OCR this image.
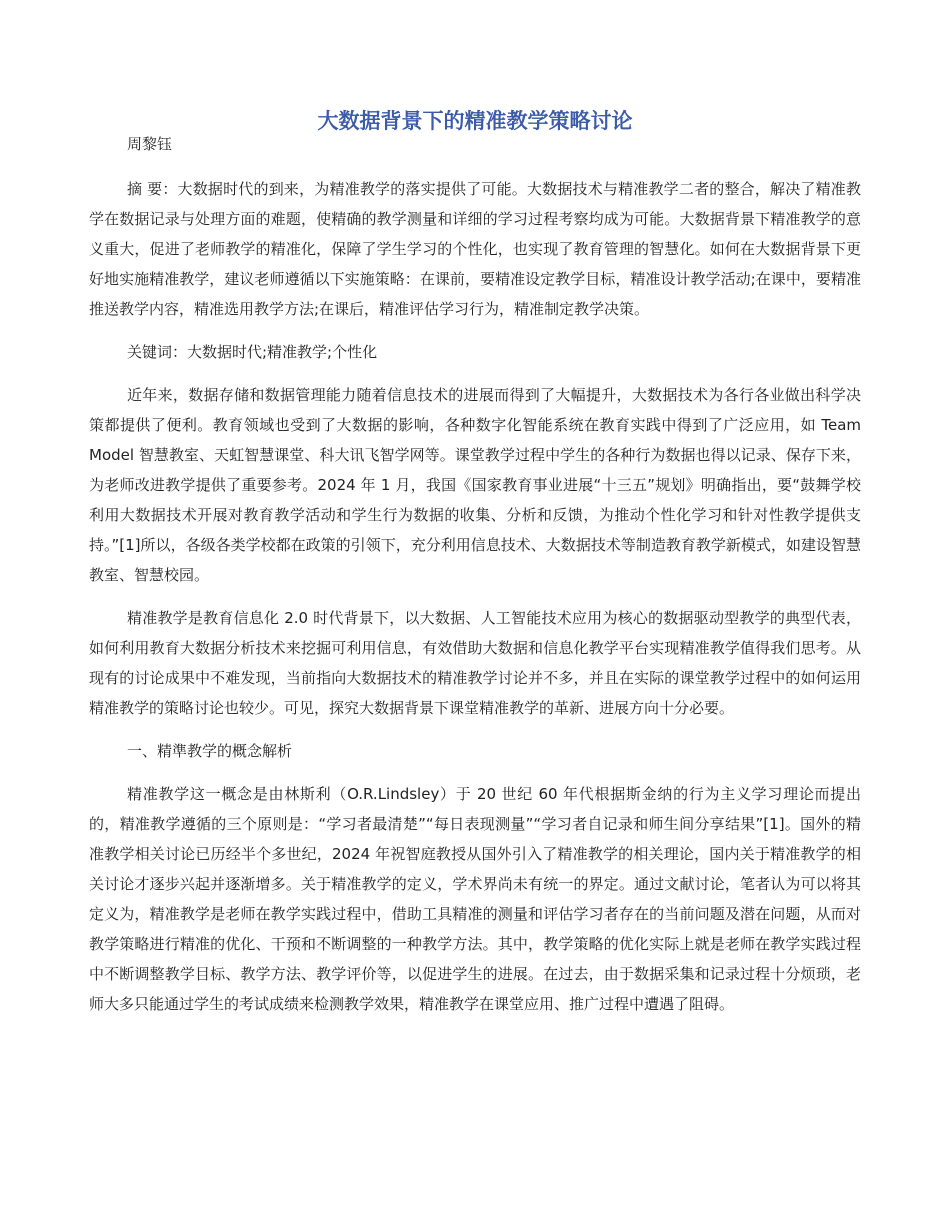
大数据背景下的精准教学策略讨论

周黎钰

摘 要：大数据时代的到来，为精准教学的落实提供了可能。大数据技术与精准教学二者的整合，解决了精准教学在数据记录与处理方面的难题，使精确的教学测量和详细的学习过程考察均成为可能。大数据背景下精准教学的意义重大，促进了老师教学的精准化，保障了学生学习的个性化，也实现了教育管理的智慧化。如何在大数据背景下更好地实施精准教学，建议老师遵循以下实施策略：在课前，要精准设定教学目标，精准设计教学活动;在课中，要精准推送教学内容，精准选用教学方法;在课后，精准评估学习行为，精准制定教学决策。

关键词：大数据时代;精准教学;个性化

近年来，数据存储和数据管理能力随着信息技术的进展而得到了大幅提升，大数据技术为各行各业做出科学决策都提供了便利。教育领域也受到了大数据的影响，各种数字化智能系统在教育实践中得到了广泛应用，如 Team Model 智慧教室、天虹智慧课堂、科大讯飞智学网等。课堂教学过程中学生的各种行为数据也得以记录、保存下来，为老师改进教学提供了重要参考。2024 年 1 月，我国《国家教育事业进展“十三五”规划》明确指出，要“鼓舞学校利用大数据技术开展对教育教学活动和学生行为数据的收集、分析和反馈，为推动个性化学习和针对性教学提供支持。”[1]所以，各级各类学校都在政策的引领下，充分利用信息技术、大数据技术等制造教育教学新模式，如建设智慧教室、智慧校园。

精准教学是教育信息化 2.0 时代背景下，以大数据、人工智能技术应用为核心的数据驱动型教学的典型代表，如何利用教育大数据分析技术来挖掘可利用信息，有效借助大数据和信息化教学平台实现精准教学值得我们思考。从现有的讨论成果中不难发现，当前指向大数据技术的精准教学讨论并不多，并且在实际的课堂教学过程中的如何运用精准教学的策略讨论也较少。可见，探究大数据背景下课堂精准教学的革新、进展方向十分必要。

一、精準教学的概念解析

精准教学这一概念是由林斯利（O.R.Lindsley）于 20 世纪 60 年代根据斯金纳的行为主义学习理论而提出的，精准教学遵循的三个原则是：“学习者最清楚”“每日表现测量”“学习者自记录和师生间分享结果”[1]。国外的精准教学相关讨论已历经半个多世纪，2024 年祝智庭教授从国外引入了精准教学的相关理论，国内关于精准教学的相关讨论才逐步兴起并逐渐增多。关于精准教学的定义，学术界尚未有统一的界定。通过文献讨论，笔者认为可以将其定义为，精准教学是老师在教学实践过程中，借助工具精准的测量和评估学习者存在的当前问题及潜在问题，从而对教学策略进行精准的优化、干预和不断调整的一种教学方法。其中，教学策略的优化实际上就是老师在教学实践过程中不断调整教学目标、教学方法、教学评价等，以促进学生的进展。在过去，由于数据采集和记录过程十分烦琐，老师大多只能通过学生的考试成绩来检测教学效果，精准教学在课堂应用、推广过程中遭遇了阻碍。
